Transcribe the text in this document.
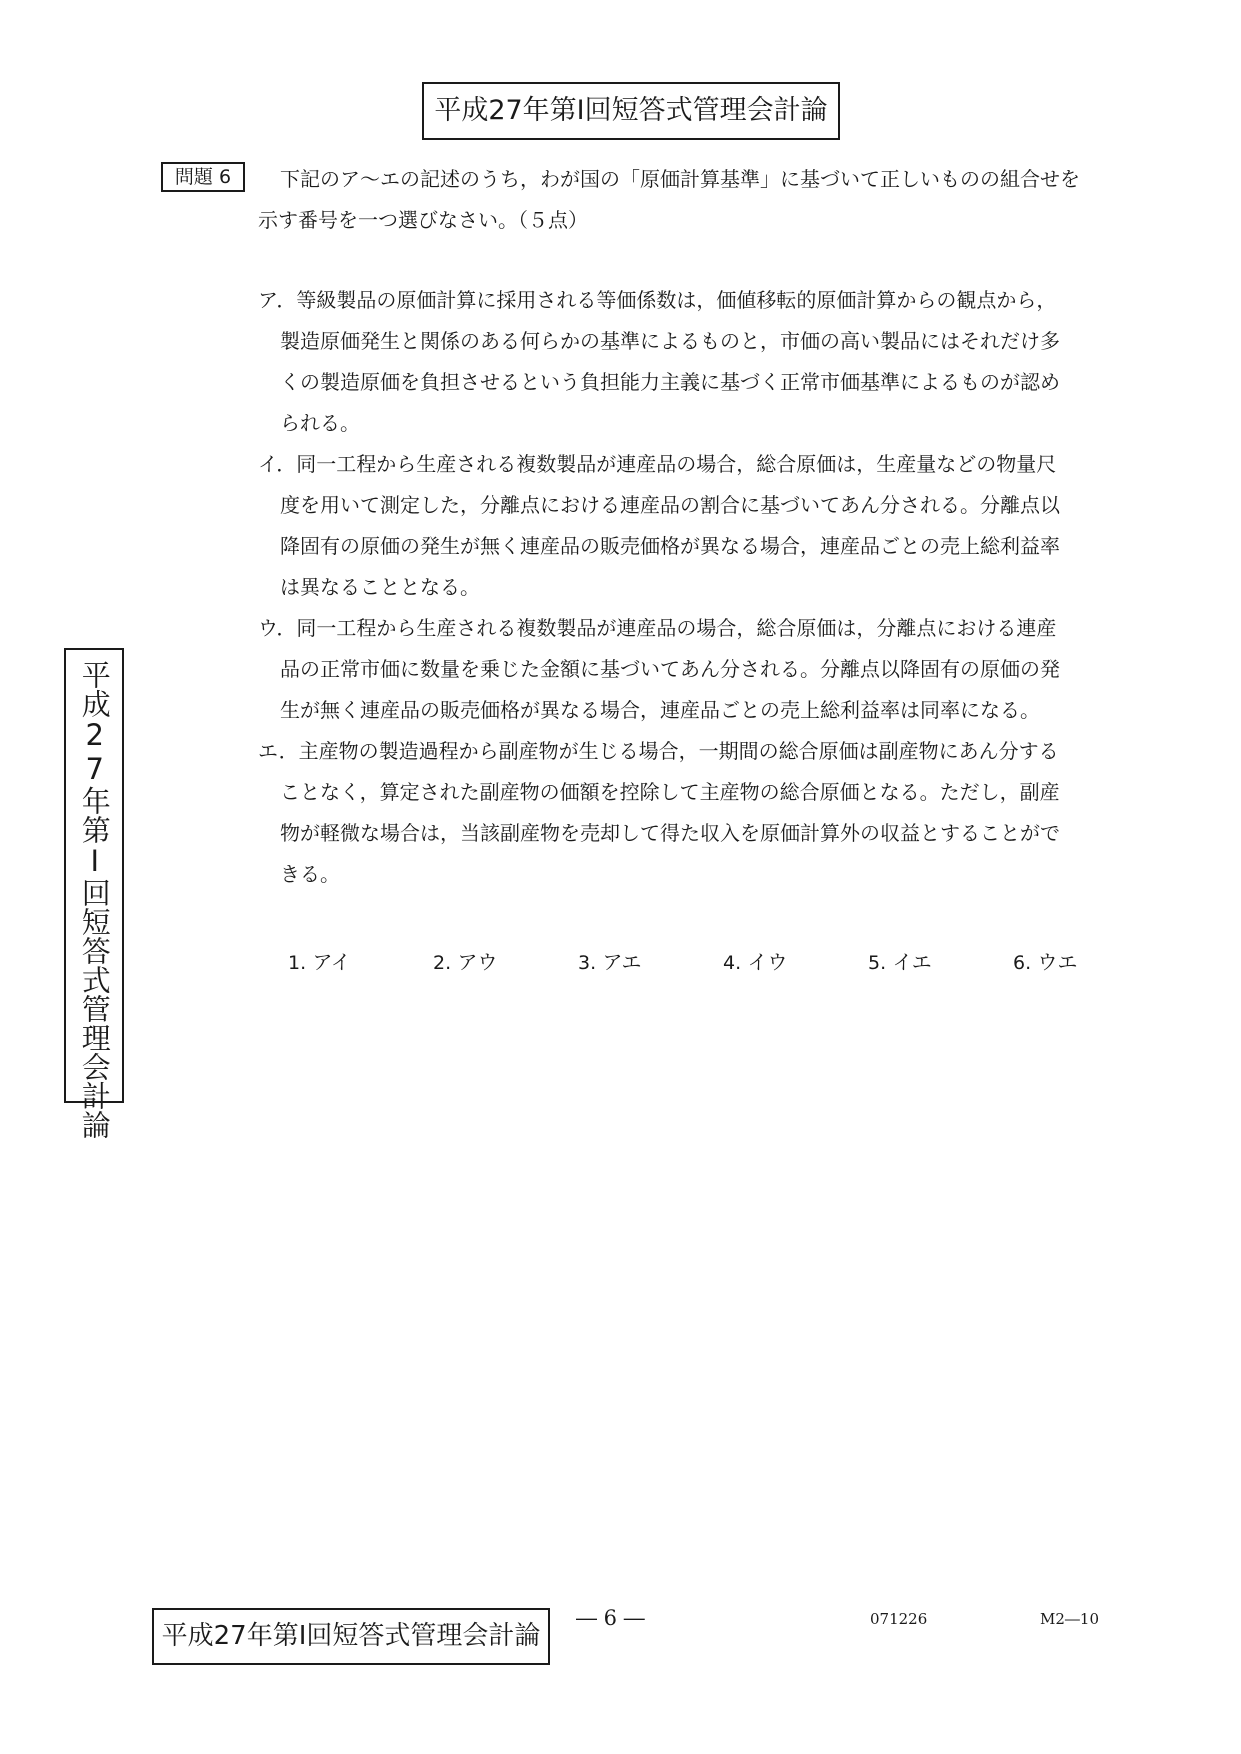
平成27年第Ⅰ回短答式管理会計論
問題 6	下記のア～エの記述のうち，わが国の「原価計算基準」に基づいて正しいものの組合せを
示す番号を一つ選びなさい。（５点）
ア．等級製品の原価計算に採用される等価係数は，価値移転的原価計算からの観点から，
製造原価発生と関係のある何らかの基準によるものと，市価の高い製品にはそれだけ多
くの製造原価を負担させるという負担能力主義に基づく正常市価基準によるものが認め
られる。
イ．同一工程から生産される複数製品が連産品の場合，総合原価は，生産量などの物量尺
度を用いて測定した，分離点における連産品の割合に基づいてあん分される。分離点以
降固有の原価の発生が無く連産品の販売価格が異なる場合，連産品ごとの売上総利益率
は異なることとなる。
ウ．同一工程から生産される複数製品が連産品の場合，総合原価は，分離点における連産
品の正常市価に数量を乗じた金額に基づいてあん分される。分離点以降固有の原価の発
生が無く連産品の販売価格が異なる場合，連産品ごとの売上総利益率は同率になる。
エ．主産物の製造過程から副産物が生じる場合，一期間の総合原価は副産物にあん分する
ことなく，算定された副産物の価額を控除して主産物の総合原価となる。ただし，副産
物が軽微な場合は，当該副産物を売却して得た収入を原価計算外の収益とすることがで
きる。
1. アイ	2. アウ	3. アエ	4. イウ	5. イエ	6. ウエ
平成27年第Ⅰ回短答式管理会計論
平成27年第Ⅰ回短答式管理会計論
― 6 ―	071226	M2―10
